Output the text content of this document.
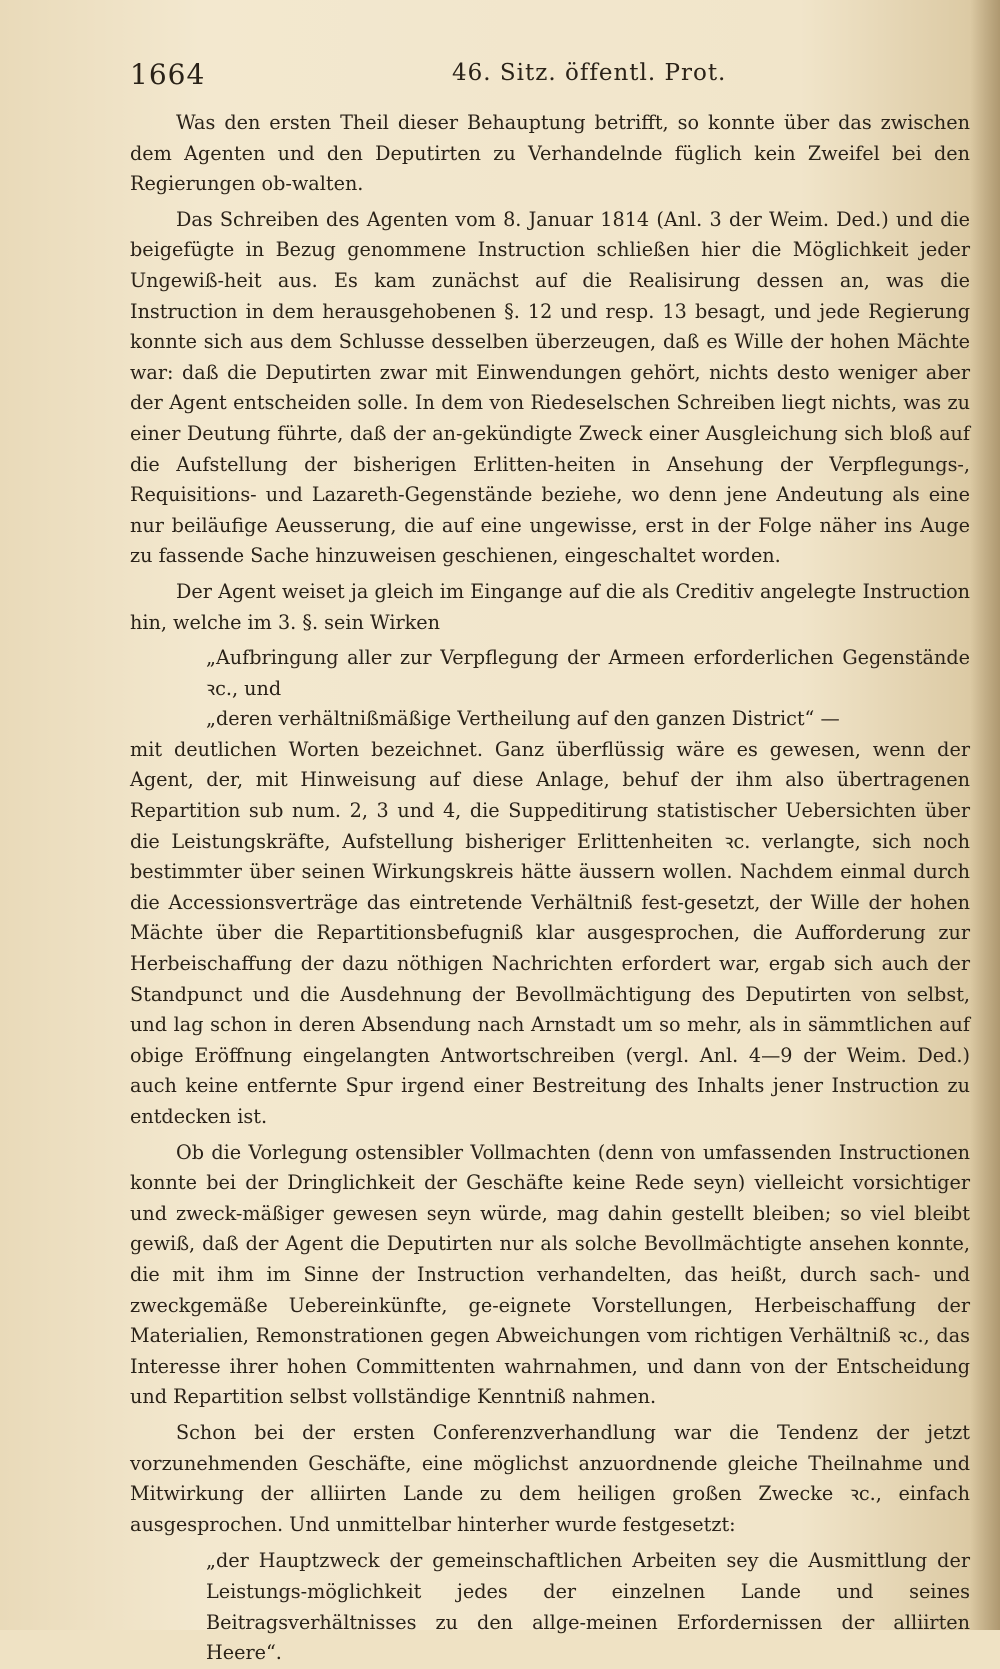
1664	46. Sitz. öffentl. Prot.

Was den ersten Theil dieser Behauptung betrifft, so konnte über das zwischen dem Agenten und den Deputirten zu Verhandelnde füglich kein Zweifel bei den Regierungen ob-walten.

Das Schreiben des Agenten vom 8. Januar 1814 (Anl. 3 der Weim. Ded.) und die beigefügte in Bezug genommene Instruction schließen hier die Möglichkeit jeder Ungewiß-heit aus. Es kam zunächst auf die Realisirung dessen an, was die Instruction in dem herausgehobenen §. 12 und resp. 13 besagt, und jede Regierung konnte sich aus dem Schlusse desselben überzeugen, daß es Wille der hohen Mächte war: daß die Deputirten zwar mit Einwendungen gehört, nichts desto weniger aber der Agent entscheiden solle. In dem von Riedeselschen Schreiben liegt nichts, was zu einer Deutung führte, daß der an-gekündigte Zweck einer Ausgleichung sich bloß auf die Aufstellung der bisherigen Erlitten-heiten in Ansehung der Verpflegungs-, Requisitions- und Lazareth-Gegenstände beziehe, wo denn jene Andeutung als eine nur beiläufige Aeusserung, die auf eine ungewisse, erst in der Folge näher ins Auge zu fassende Sache hinzuweisen geschienen, eingeschaltet worden.

Der Agent weiset ja gleich im Eingange auf die als Creditiv angelegte Instruction hin, welche im 3. §. sein Wirken

„Aufbringung aller zur Verpflegung der Armeen erforderlichen Gegenstände ꝛc., und

„deren verhältnißmäßige Vertheilung auf den ganzen District“ —

mit deutlichen Worten bezeichnet. Ganz überflüssig wäre es gewesen, wenn der Agent, der, mit Hinweisung auf diese Anlage, behuf der ihm also übertragenen Repartition sub num. 2, 3 und 4, die Suppeditirung statistischer Uebersichten über die Leistungskräfte, Aufstellung bisheriger Erlittenheiten ꝛc. verlangte, sich noch bestimmter über seinen Wirkungskreis hätte äussern wollen. Nachdem einmal durch die Accessionsverträge das eintretende Verhältniß fest-gesetzt, der Wille der hohen Mächte über die Repartitionsbefugniß klar ausgesprochen, die Aufforderung zur Herbeischaffung der dazu nöthigen Nachrichten erfordert war, ergab sich auch der Standpunct und die Ausdehnung der Bevollmächtigung des Deputirten von selbst, und lag schon in deren Absendung nach Arnstadt um so mehr, als in sämmtlichen auf obige Eröffnung eingelangten Antwortschreiben (vergl. Anl. 4—9 der Weim. Ded.) auch keine entfernte Spur irgend einer Bestreitung des Inhalts jener Instruction zu entdecken ist.

Ob die Vorlegung ostensibler Vollmachten (denn von umfassenden Instructionen konnte bei der Dringlichkeit der Geschäfte keine Rede seyn) vielleicht vorsichtiger und zweck-mäßiger gewesen seyn würde, mag dahin gestellt bleiben; so viel bleibt gewiß, daß der Agent die Deputirten nur als solche Bevollmächtigte ansehen konnte, die mit ihm im Sinne der Instruction verhandelten, das heißt, durch sach- und zweckgemäße Uebereinkünfte, ge-eignete Vorstellungen, Herbeischaffung der Materialien, Remonstrationen gegen Abweichungen vom richtigen Verhältniß ꝛc., das Interesse ihrer hohen Committenten wahrnahmen, und dann von der Entscheidung und Repartition selbst vollständige Kenntniß nahmen.

Schon bei der ersten Conferenzverhandlung war die Tendenz der jetzt vorzunehmenden Geschäfte, eine möglichst anzuordnende gleiche Theilnahme und Mitwirkung der alliirten Lande zu dem heiligen großen Zwecke ꝛc., einfach ausgesprochen. Und unmittelbar hinterher wurde festgesetzt:

„der Hauptzweck der gemeinschaftlichen Arbeiten sey die Ausmittlung der Leistungs-möglichkeit jedes der einzelnen Lande und seines Beitragsverhältnisses zu den allge-meinen Erfordernissen der alliirten Heere“.
